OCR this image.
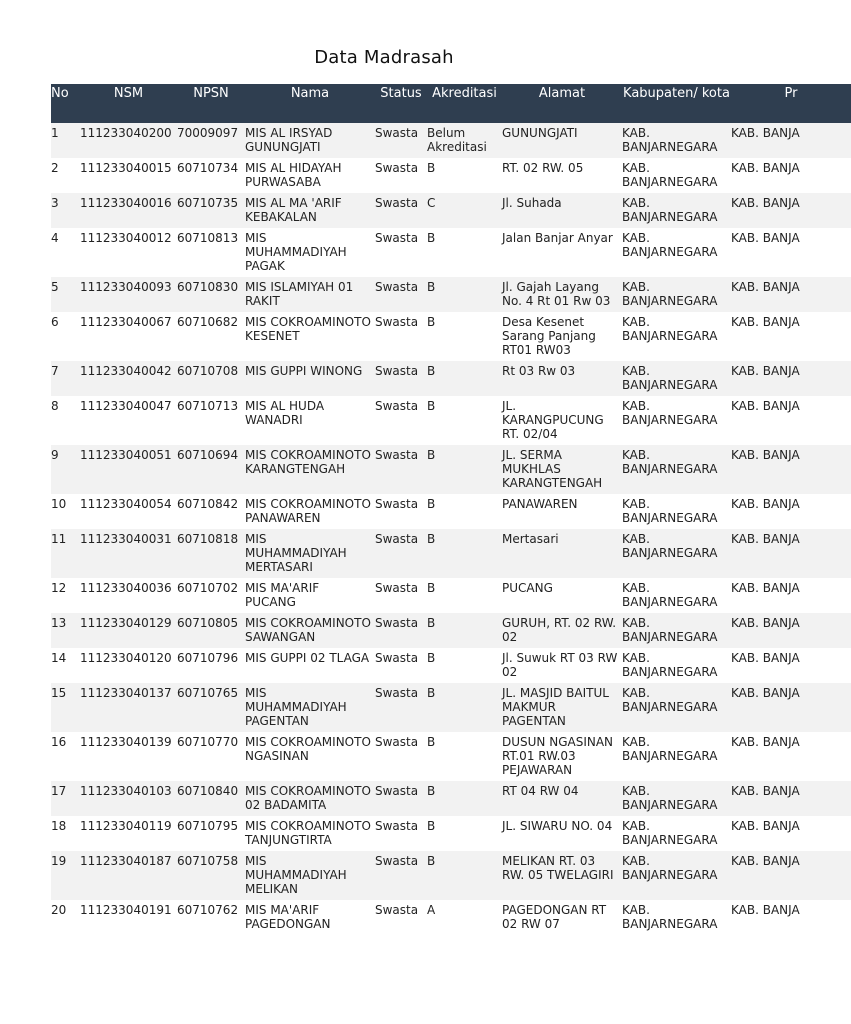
Data Madrasah
No	NSM	NPSN	Nama	Status	Akreditasi	Alamat	Kabupaten/ kota	Pr

1	111233040200	70009097	MIS AL IRSYAD GUNUNGJATI	Swasta	Belum Akreditasi	GUNUNGJATI	KAB. BANJARNEGARA	KAB. BANJA

2	111233040015	60710734	MIS AL HIDAYAH PURWASABA	Swasta	B	RT. 02 RW. 05	KAB. BANJARNEGARA	KAB. BANJA

3	111233040016	60710735	MIS AL MA 'ARIF KEBAKALAN	Swasta	C	Jl. Suhada	KAB. BANJARNEGARA	KAB. BANJA

4	111233040012	60710813	MIS MUHAMMADIYAH PAGAK	Swasta	B	Jalan Banjar Anyar	KAB. BANJARNEGARA	KAB. BANJA

5	111233040093	60710830	MIS ISLAMIYAH 01 RAKIT	Swasta	B	Jl. Gajah Layang No. 4 Rt 01 Rw 03	KAB. BANJARNEGARA	KAB. BANJA

6	111233040067	60710682	MIS COKROAMINOTO KESENET	Swasta	B	Desa Kesenet Sarang Panjang RT01 RW03	KAB. BANJARNEGARA	KAB. BANJA

7	111233040042	60710708	MIS GUPPI WINONG	Swasta	B	Rt 03 Rw 03	KAB. BANJARNEGARA	KAB. BANJA

8	111233040047	60710713	MIS AL HUDA WANADRI	Swasta	B	JL. KARANGPUCUNG RT. 02/04	KAB. BANJARNEGARA	KAB. BANJA

9	111233040051	60710694	MIS COKROAMINOTO KARANGTENGAH	Swasta	B	JL. SERMA MUKHLAS KARANGTENGAH	KAB. BANJARNEGARA	KAB. BANJA

10	111233040054	60710842	MIS COKROAMINOTO PANAWAREN	Swasta	B	PANAWAREN	KAB. BANJARNEGARA	KAB. BANJA

11	111233040031	60710818	MIS MUHAMMADIYAH MERTASARI	Swasta	B	Mertasari	KAB. BANJARNEGARA	KAB. BANJA

12	111233040036	60710702	MIS MA'ARIF PUCANG	Swasta	B	PUCANG	KAB. BANJARNEGARA	KAB. BANJA

13	111233040129	60710805	MIS COKROAMINOTO SAWANGAN	Swasta	B	GURUH, RT. 02 RW. 02	KAB. BANJARNEGARA	KAB. BANJA

14	111233040120	60710796	MIS GUPPI 02 TLAGA	Swasta	B	Jl. Suwuk RT 03 RW 02	KAB. BANJARNEGARA	KAB. BANJA

15	111233040137	60710765	MIS MUHAMMADIYAH PAGENTAN	Swasta	B	JL. MASJID BAITUL MAKMUR PAGENTAN	KAB. BANJARNEGARA	KAB. BANJA

16	111233040139	60710770	MIS COKROAMINOTO NGASINAN	Swasta	B	DUSUN NGASINAN RT.01 RW.03 PEJAWARAN	KAB. BANJARNEGARA	KAB. BANJA

17	111233040103	60710840	MIS COKROAMINOTO 02 BADAMITA	Swasta	B	RT 04 RW 04	KAB. BANJARNEGARA	KAB. BANJA

18	111233040119	60710795	MIS COKROAMINOTO TANJUNGTIRTA	Swasta	B	JL. SIWARU NO. 04	KAB. BANJARNEGARA	KAB. BANJA

19	111233040187	60710758	MIS MUHAMMADIYAH MELIKAN	Swasta	B	MELIKAN RT. 03 RW. 05 TWELAGIRI	KAB. BANJARNEGARA	KAB. BANJA

20	111233040191	60710762	MIS MA'ARIF PAGEDONGAN	Swasta	A	PAGEDONGAN RT 02 RW 07	KAB. BANJARNEGARA	KAB. BANJA
